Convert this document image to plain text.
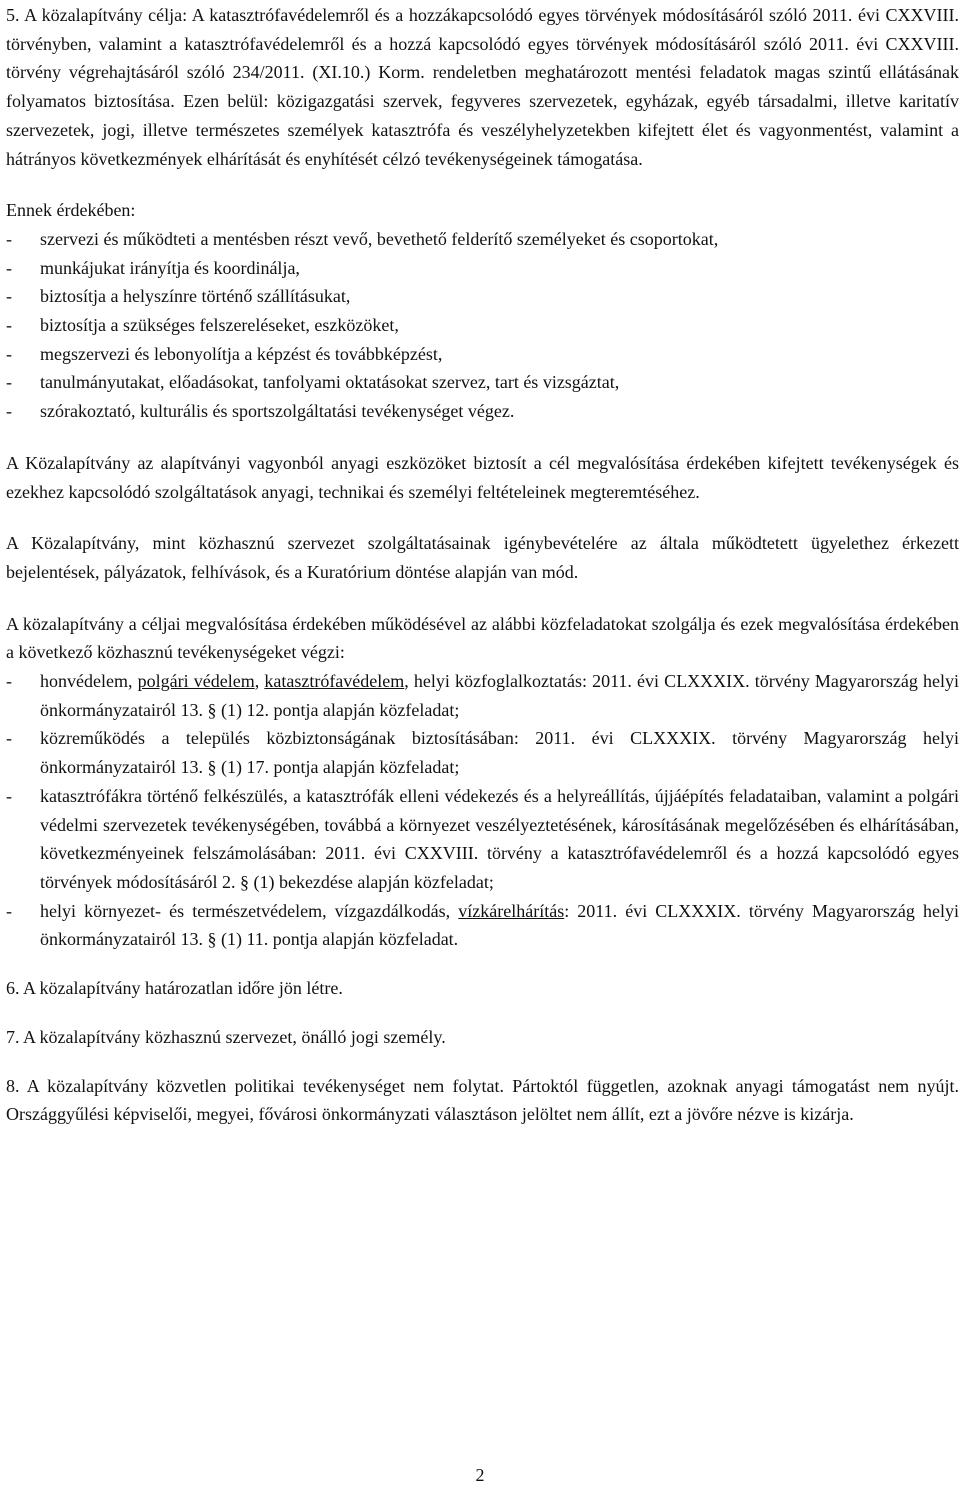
5. A közalapítvány célja: A katasztrófavédelemről és a hozzákapcsolódó egyes törvények módosításáról szóló 2011. évi CXXVIII. törvényben, valamint a katasztrófavédelemről és a hozzá kapcsolódó egyes törvények módosításáról szóló 2011. évi CXXVIII. törvény végrehajtásáról szóló 234/2011. (XI.10.) Korm. rendeletben meghatározott mentési feladatok magas szintű ellátásának folyamatos biztosítása. Ezen belül: közigazgatási szervek, fegyveres szervezetek, egyházak, egyéb társadalmi, illetve karitatív szervezetek, jogi, illetve természetes személyek katasztrófa és veszélyhelyzetekben kifejtett élet és vagyonmentést, valamint a hátrányos következmények elhárítását és enyhítését célzó tevékenységeinek támogatása.

Ennek érdekében:

- szervezi és működteti a mentésben részt vevő, bevethető felderítő személyeket és csoportokat,
- munkájukat irányítja és koordinálja,
- biztosítja a helyszínre történő szállításukat,
- biztosítja a szükséges felszereléseket, eszközöket,
- megszervezi és lebonyolítja a képzést és továbbképzést,
- tanulmányutakat, előadásokat, tanfolyami oktatásokat szervez, tart és vizsgáztat,
- szórakoztató, kulturális és sportszolgáltatási tevékenységet végez.

A Közalapítvány az alapítványi vagyonból anyagi eszközöket biztosít a cél megvalósítása érdekében kifejtett tevékenységek és ezekhez kapcsolódó szolgáltatások anyagi, technikai és személyi feltételeinek megteremtéséhez.

A Közalapítvány, mint közhasznú szervezet szolgáltatásainak igénybevételére az általa működtetett ügyelethez érkezett bejelentések, pályázatok, felhívások, és a Kuratórium döntése alapján van mód.

A közalapítvány a céljai megvalósítása érdekében működésével az alábbi közfeladatokat szolgálja és ezek megvalósítása érdekében a következő közhasznú tevékenységeket végzi:

- honvédelem, polgári védelem, katasztrófavédelem, helyi közfoglalkoztatás: 2011. évi CLXXXIX. törvény Magyarország helyi önkormányzatairól 13. § (1) 12. pontja alapján közfeladat;
- közreműködés a település közbiztonságának biztosításában: 2011. évi CLXXXIX. törvény Magyarország helyi önkormányzatairól 13. § (1) 17. pontja alapján közfeladat;
- katasztrófákra történő felkészülés, a katasztrófák elleni védekezés és a helyreállítás, újjáépítés feladataiban, valamint a polgári védelmi szervezetek tevékenységében, továbbá a környezet veszélyeztetésének, károsításának megelőzésében és elhárításában, következményeinek felszámolásában: 2011. évi CXXVIII. törvény a katasztrófavédelemről és a hozzá kapcsolódó egyes törvények módosításáról 2. § (1) bekezdése alapján közfeladat;
- helyi környezet- és természetvédelem, vízgazdálkodás, vízkárelhárítás: 2011. évi CLXXXIX. törvény Magyarország helyi önkormányzatairól 13. § (1) 11. pontja alapján közfeladat.

6. A közalapítvány határozatlan időre jön létre.

7. A közalapítvány közhasznú szervezet, önálló jogi személy.

8. A közalapítvány közvetlen politikai tevékenységet nem folytat. Pártoktól független, azoknak anyagi támogatást nem nyújt. Országgyűlési képviselői, megyei, fővárosi önkormányzati választáson jelöltet nem állít, ezt a jövőre nézve is kizárja.

2
